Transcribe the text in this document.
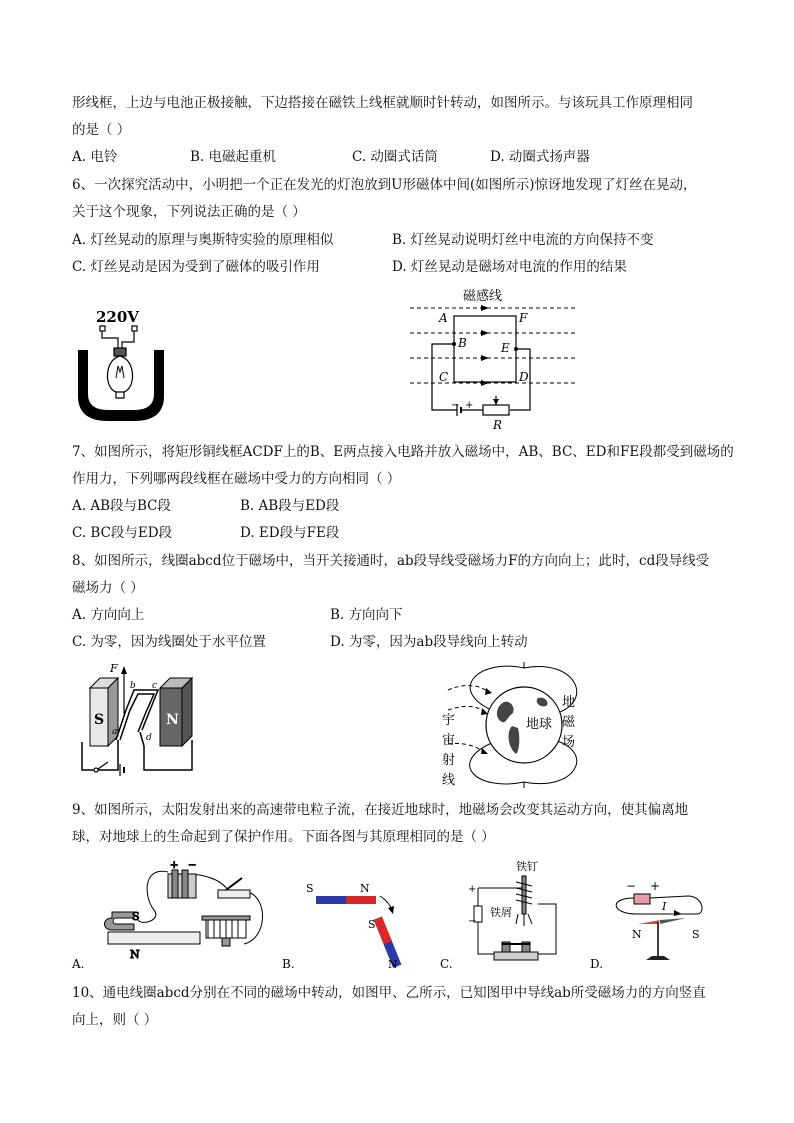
形线框，上边与电池正极接触，下边搭接在磁铁上线框就顺时针转动，如图所示。与该玩具工作原理相同
的是（ ）
A. 电铃	B. 电磁起重机	C. 动圈式话筒	D. 动圈式扬声器
6、一次探究活动中，小明把一个正在发光的灯泡放到U形磁体中间(如图所示)惊讶地发现了灯丝在晃动，
关于这个现象，下列说法正确的是（ ）
A. 灯丝晃动的原理与奥斯特实验的原理相似	B. 灯丝晃动说明灯丝中电流的方向保持不变
C. 灯丝晃动是因为受到了磁体的吸引作用	D. 灯丝晃动是磁场对电流的作用的结果
220V
磁感线
A	F
B	E
C	D
R
− +
7、如图所示，将矩形铜线框ACDF上的B、E两点接入电路并放入磁场中，AB、BC、ED和FE段都受到磁场的
作用力，下列哪两段线框在磁场中受力的方向相同（ ）
A. AB段与BC段	B. AB段与ED段
C. BC段与ED段	D. ED段与FE段
8、如图所示，线圈abcd位于磁场中，当开关接通时，ab段导线受磁场力F的方向向上；此时，cd段导线受
磁场力（ ）
A. 方向向上	B. 方向向下
C. 为零，因为线圈处于水平位置	D. 为零，因为ab段导线向上转动
S	N
F
b c
a
d
地球
宇
宙
射
线
地
磁
场
9、如图所示，太阳发射出来的高速带电粒子流，在接近地球时，地磁场会改变其运动方向，使其偏离地
球，对地球上的生命起到了保护作用。下面各图与其原理相同的是（ ）
A.
+ −
S
N
B.
S	N
S
N	C.
铁钉
+
−
铁屑
D.
− +
I
N	S
10、通电线圈abcd分别在不同的磁场中转动，如图甲、乙所示，已知图甲中导线ab所受磁场力的方向竖直
向上，则（ ）
